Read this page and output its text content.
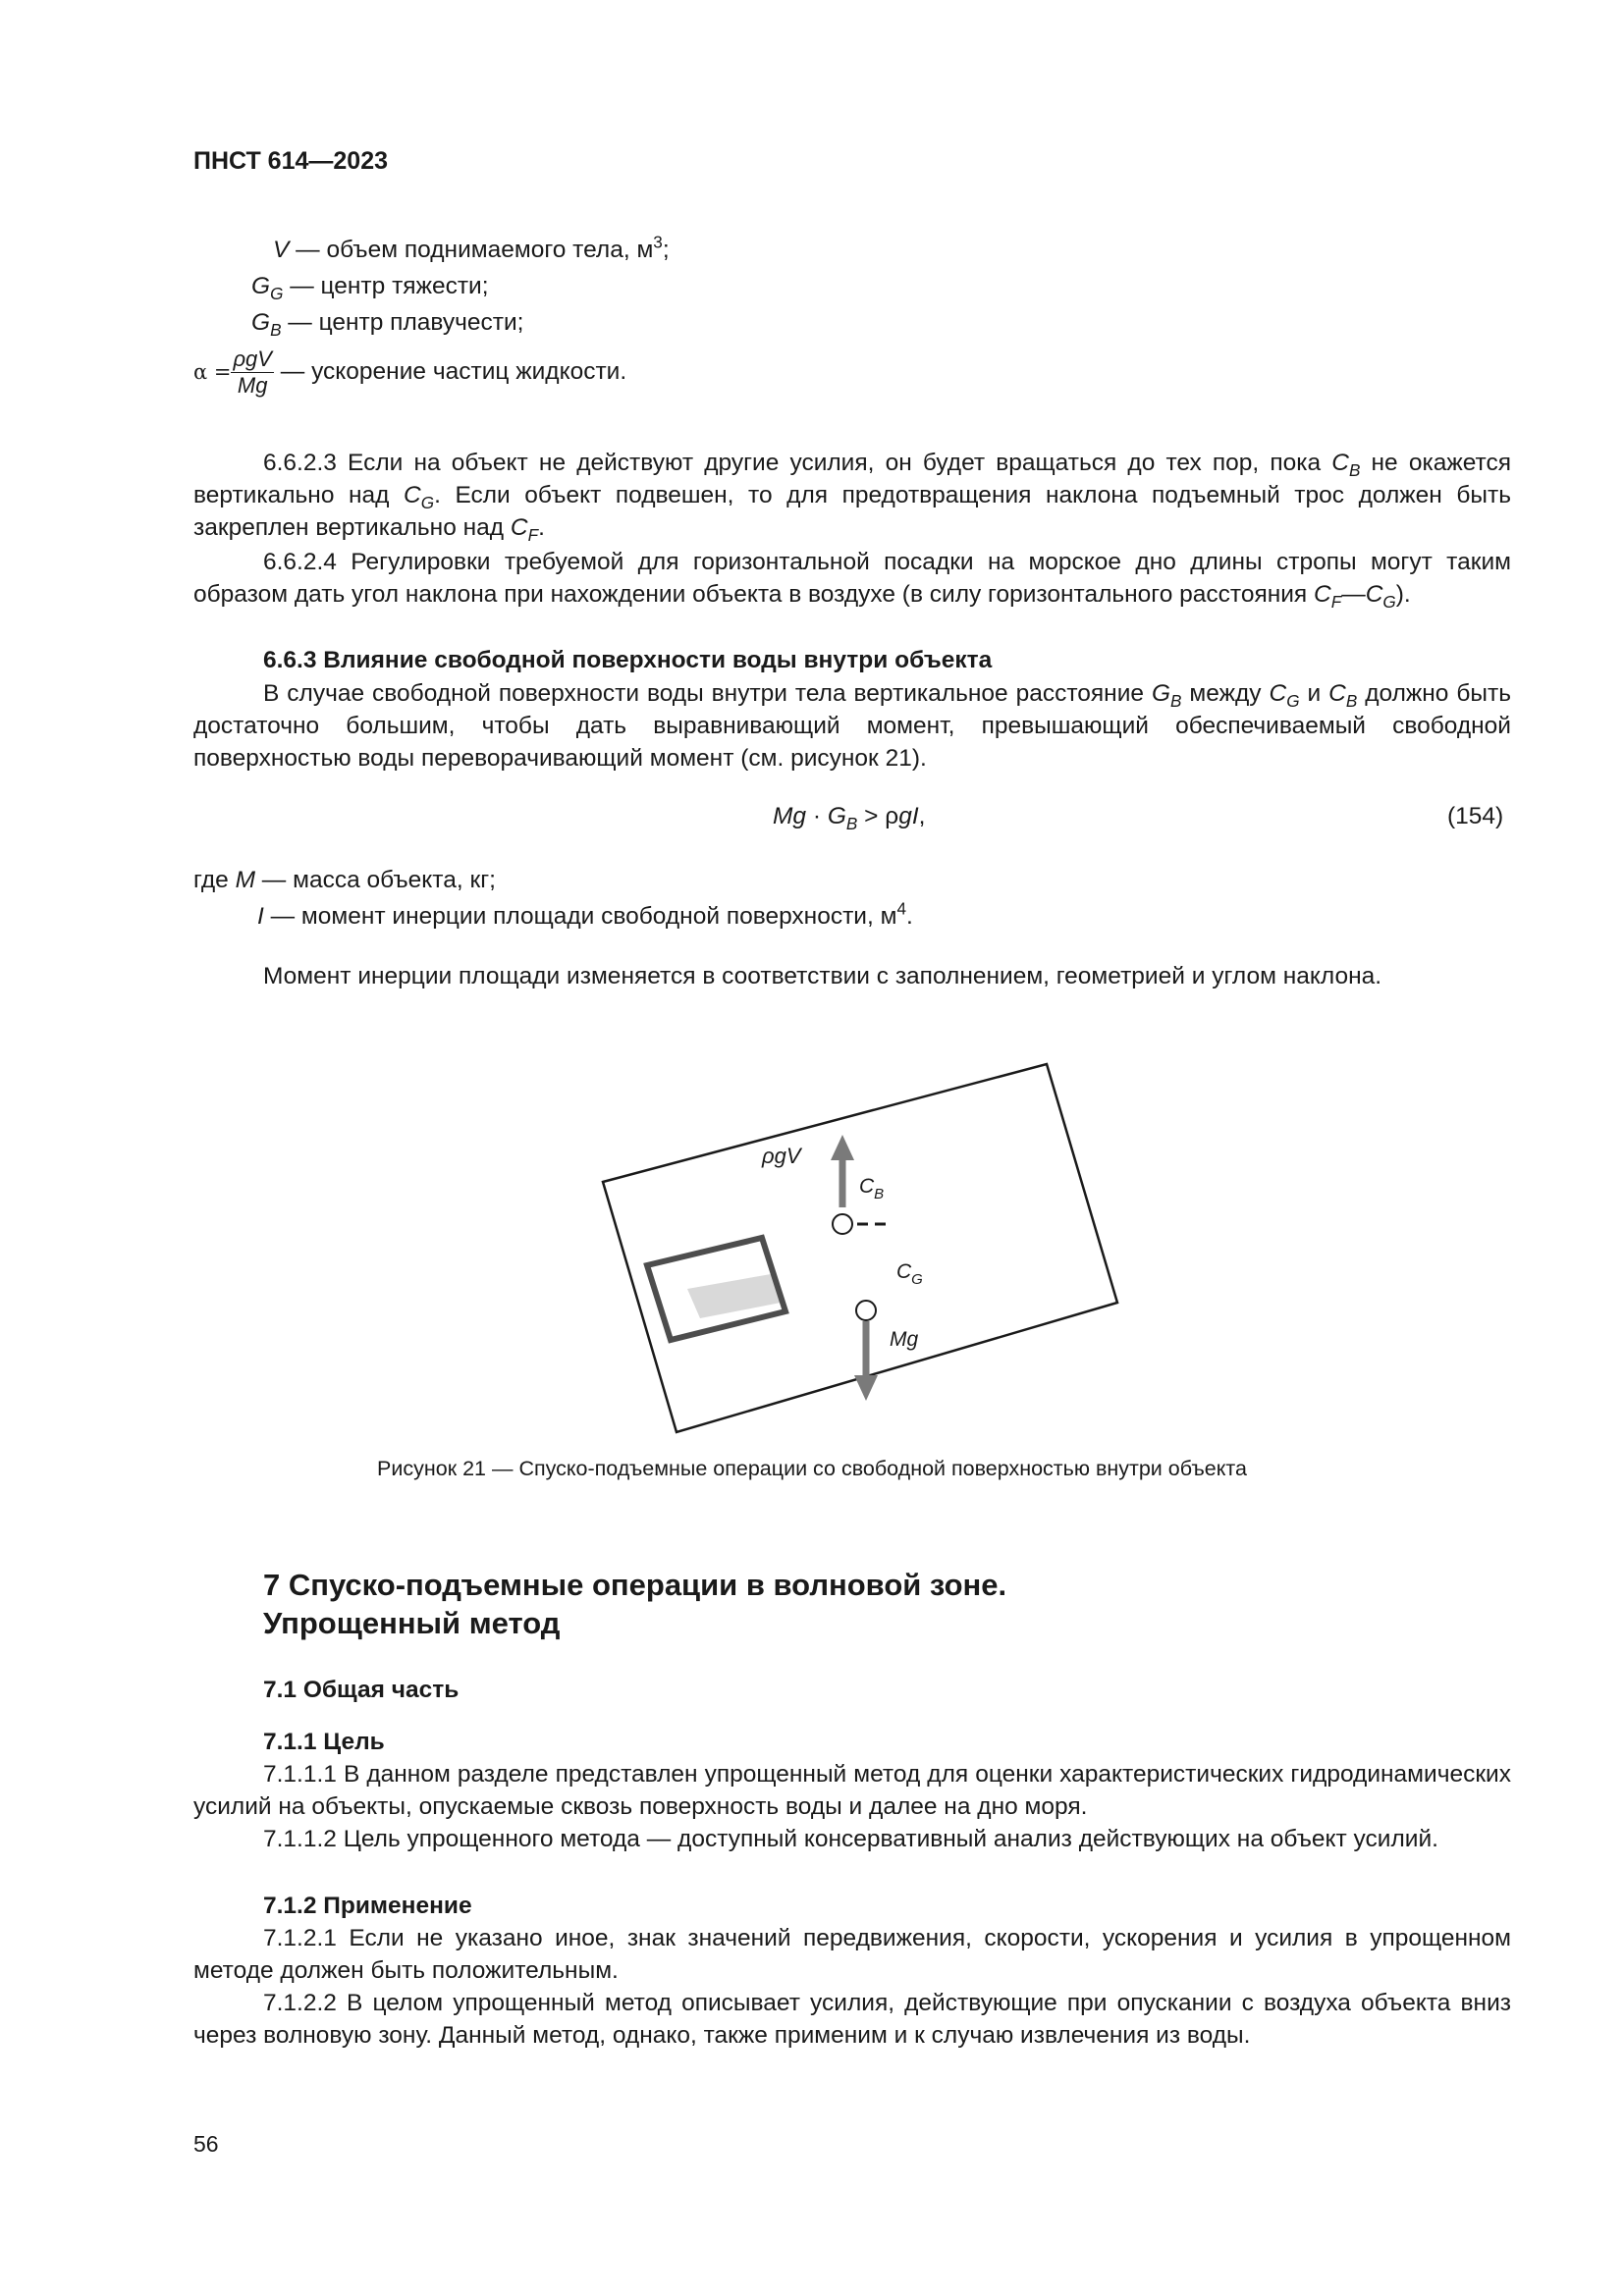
ПНСТ 614—2023
V — объем поднимаемого тела, $м^3$;
$G_G$ — центр тяжести;
$G_B$ — центр плавучести;
$\alpha = \frac{\text{ρgV}}{Mg}$ — ускорение частиц жидкости.
6.6.2.3 Если на объект не действуют другие усилия, он будет вращаться до тех пор, пока $C_B$ не окажется вертикально над $C_G$. Если объект подвешен, то для предотвращения наклона подъемный трос должен быть закреплен вертикально над $C_F$.
6.6.2.4 Регулировки требуемой для горизонтальной посадки на морское дно длины стропы могут таким образом дать угол наклона при нахождении объекта в воздухе (в силу горизонтального расстояния $C_F—C_G$).
6.6.3 Влияние свободной поверхности воды внутри объекта
В случае свободной поверхности воды внутри тела вертикальное расстояние $G_B$ между $C_G$ и $C_B$ должно быть достаточно большим, чтобы дать выравнивающий момент, превышающий обеспечиваемый свободной поверхностью воды переворачивающий момент (см. рисунок 21).
$Mg \cdot G_B > \rho gI$,	(154)
где M — масса объекта, кг;
I — момент инерции площади свободной поверхности, $м^4$.
Момент инерции площади изменяется в соответствии с заполнением, геометрией и углом наклона.
ρgV
$C_B$
$C_G$
Mg
Рисунок 21 — Спуско-подъемные операции со свободной поверхностью внутри объекта
7 Спуско-подъемные операции в волновой зоне.
Упрощенный метод
7.1 Общая часть
7.1.1 Цель
7.1.1.1 В данном разделе представлен упрощенный метод для оценки характеристических гидродинамических усилий на объекты, опускаемые сквозь поверхность воды и далее на дно моря.
7.1.1.2 Цель упрощенного метода — доступный консервативный анализ действующих на объект усилий.
7.1.2 Применение
7.1.2.1 Если не указано иное, знак значений передвижения, скорости, ускорения и усилия в упрощенном методе должен быть положительным.
7.1.2.2 В целом упрощенный метод описывает усилия, действующие при опускании с воздуха объекта вниз через волновую зону. Данный метод, однако, также применим и к случаю извлечения из воды.
56
